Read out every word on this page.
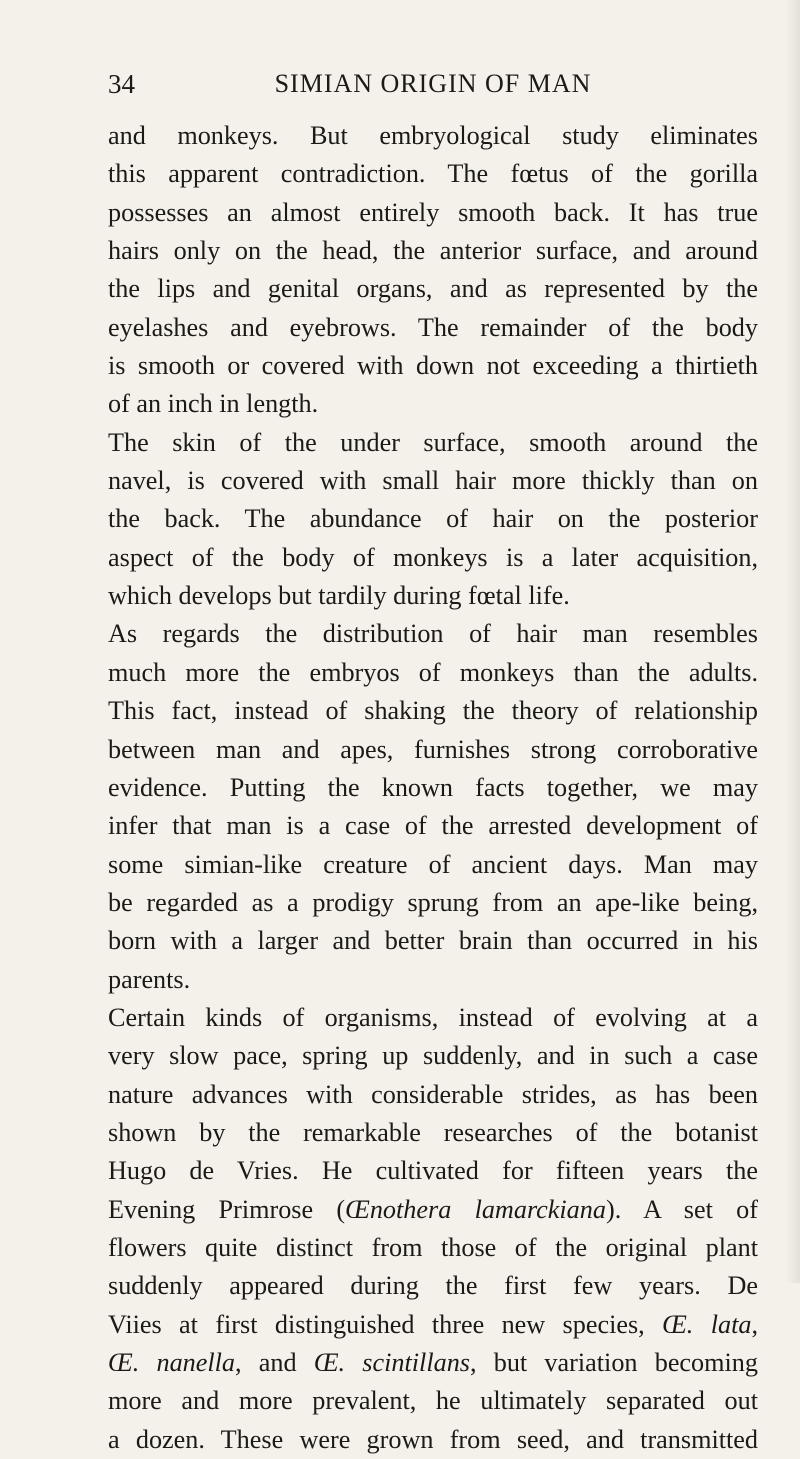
34	SIMIAN ORIGIN OF MAN
and monkeys. But embryological study eliminates
this apparent contradiction. The fœtus of the gorilla
possesses an almost entirely smooth back. It has true
hairs only on the head, the anterior surface, and around
the lips and genital organs, and as represented by the
eyelashes and eyebrows. The remainder of the body
is smooth or covered with down not exceeding a thirtieth
of an inch in length.
The skin of the under surface, smooth around the
navel, is covered with small hair more thickly than on
the back. The abundance of hair on the posterior
aspect of the body of monkeys is a later acquisition,
which develops but tardily during fœtal life.
As regards the distribution of hair man resembles
much more the embryos of monkeys than the adults.
This fact, instead of shaking the theory of relationship
between man and apes, furnishes strong corroborative
evidence. Putting the known facts together, we may
infer that man is a case of the arrested development of
some simian-like creature of ancient days. Man may
be regarded as a prodigy sprung from an ape-like being,
born with a larger and better brain than occurred in his
parents.
Certain kinds of organisms, instead of evolving at a
very slow pace, spring up suddenly, and in such a case
nature advances with considerable strides, as has been
shown by the remarkable researches of the botanist
Hugo de Vries. He cultivated for fifteen years the
Evening Primrose (Œnothera lamarckiana). A set of
flowers quite distinct from those of the original plant
suddenly appeared during the first few years. De
Viies at first distinguished three new species, Œ. lata,
Œ. nanella, and Œ. scintillans, but variation becoming
more and more prevalent, he ultimately separated out
a dozen. These were grown from seed, and transmitted
